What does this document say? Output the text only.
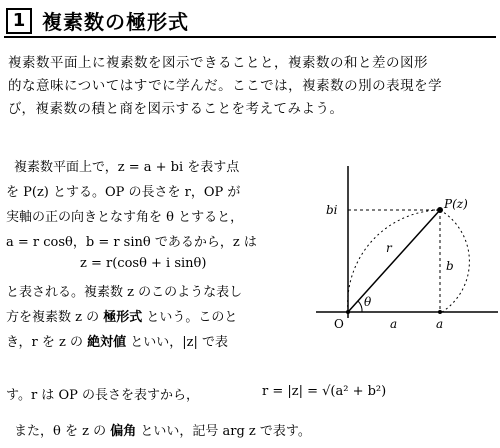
1 複素数の極形式
複素数平面上に複素数を図示できることと，複素数の和と差の図形
的な意味についてはすでに学んだ。ここでは，複素数の別の表現を学
び，複素数の積と商を図示することを考えてみよう。
複素数平面上で，z = a + bi を表す点
を P(z) とする。OP の長さを r，OP が
実軸の正の向きとなす角を θ とすると，
a = r cosθ，b = r sinθ であるから，z は
z = r(cosθ + i sinθ)
と表される。複素数 z のこのような表し
方を複素数 z の 極形式 という。このと
き，r を z の 絶対値 といい，|z| で表
す。r は OP の長さを表すから，	r = |z| = √(a² + b²)
また，θ を z の 偏角 といい，記号 arg z で表す。
P(z)
O
bi
a
a
b
r
θ
